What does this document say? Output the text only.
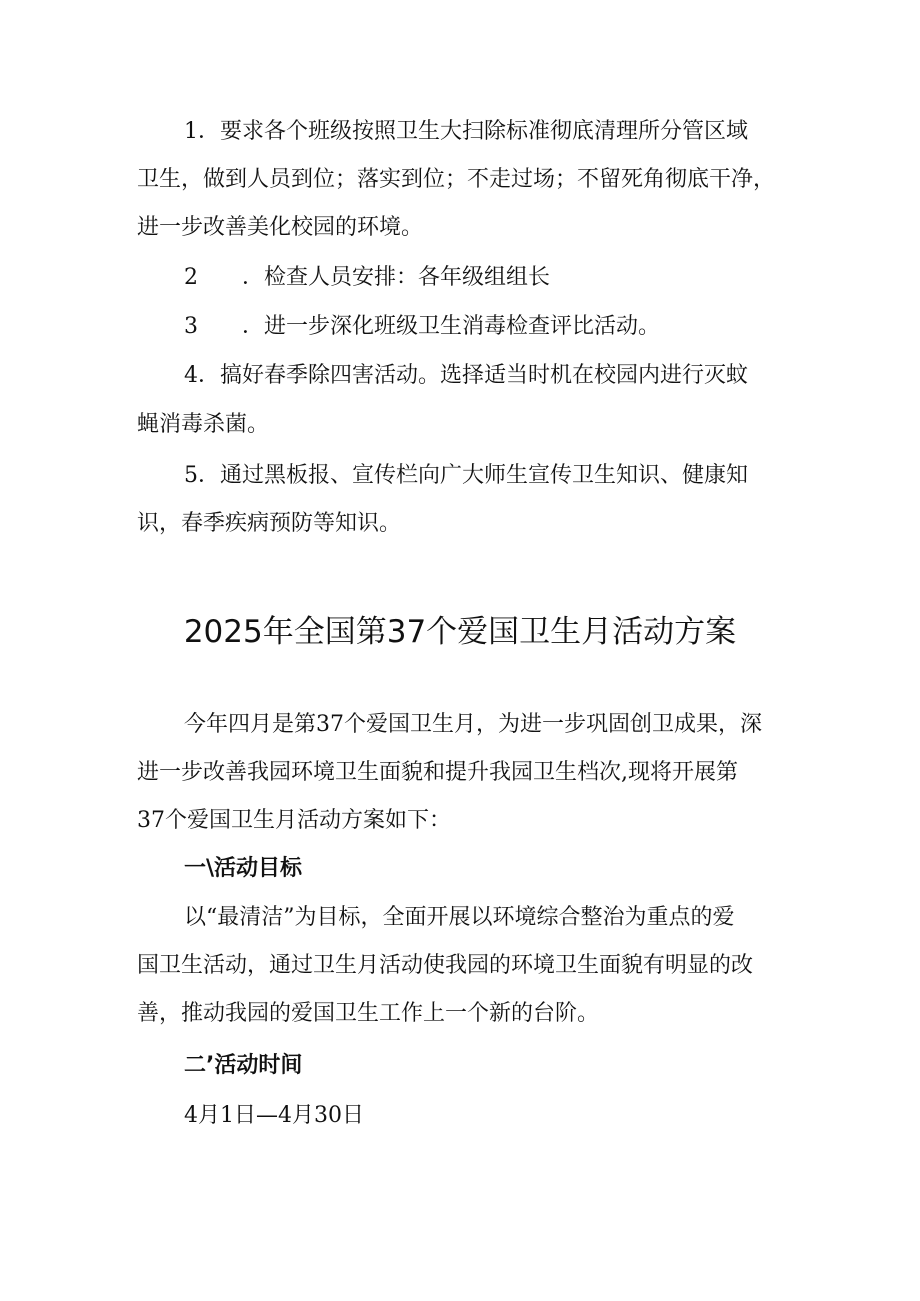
1．要求各个班级按照卫生大扫除标准彻底清理所分管区域
卫生，做到人员到位；落实到位；不走过场；不留死角彻底干净，
进一步改善美化校园的环境。
2　　．检查人员安排：各年级组组长
3　　．进一步深化班级卫生消毒检查评比活动。
4．搞好春季除四害活动。选择适当时机在校园内进行灭蚊
蝇消毒杀菌。
5．通过黑板报、宣传栏向广大师生宣传卫生知识、健康知
识，春季疾病预防等知识。
2025年全国第37个爱国卫生月活动方案
今年四月是第37个爱国卫生月，为进一步巩固创卫成果，深
进一步改善我园环境卫生面貌和提升我园卫生档次,现将开展第
37个爱国卫生月活动方案如下：
一\活动目标
以“最清洁”为目标，全面开展以环境综合整治为重点的爱
国卫生活动，通过卫生月活动使我园的环境卫生面貌有明显的改
善，推动我园的爱国卫生工作上一个新的台阶。
二’活动时间
4月1日—4月30日
